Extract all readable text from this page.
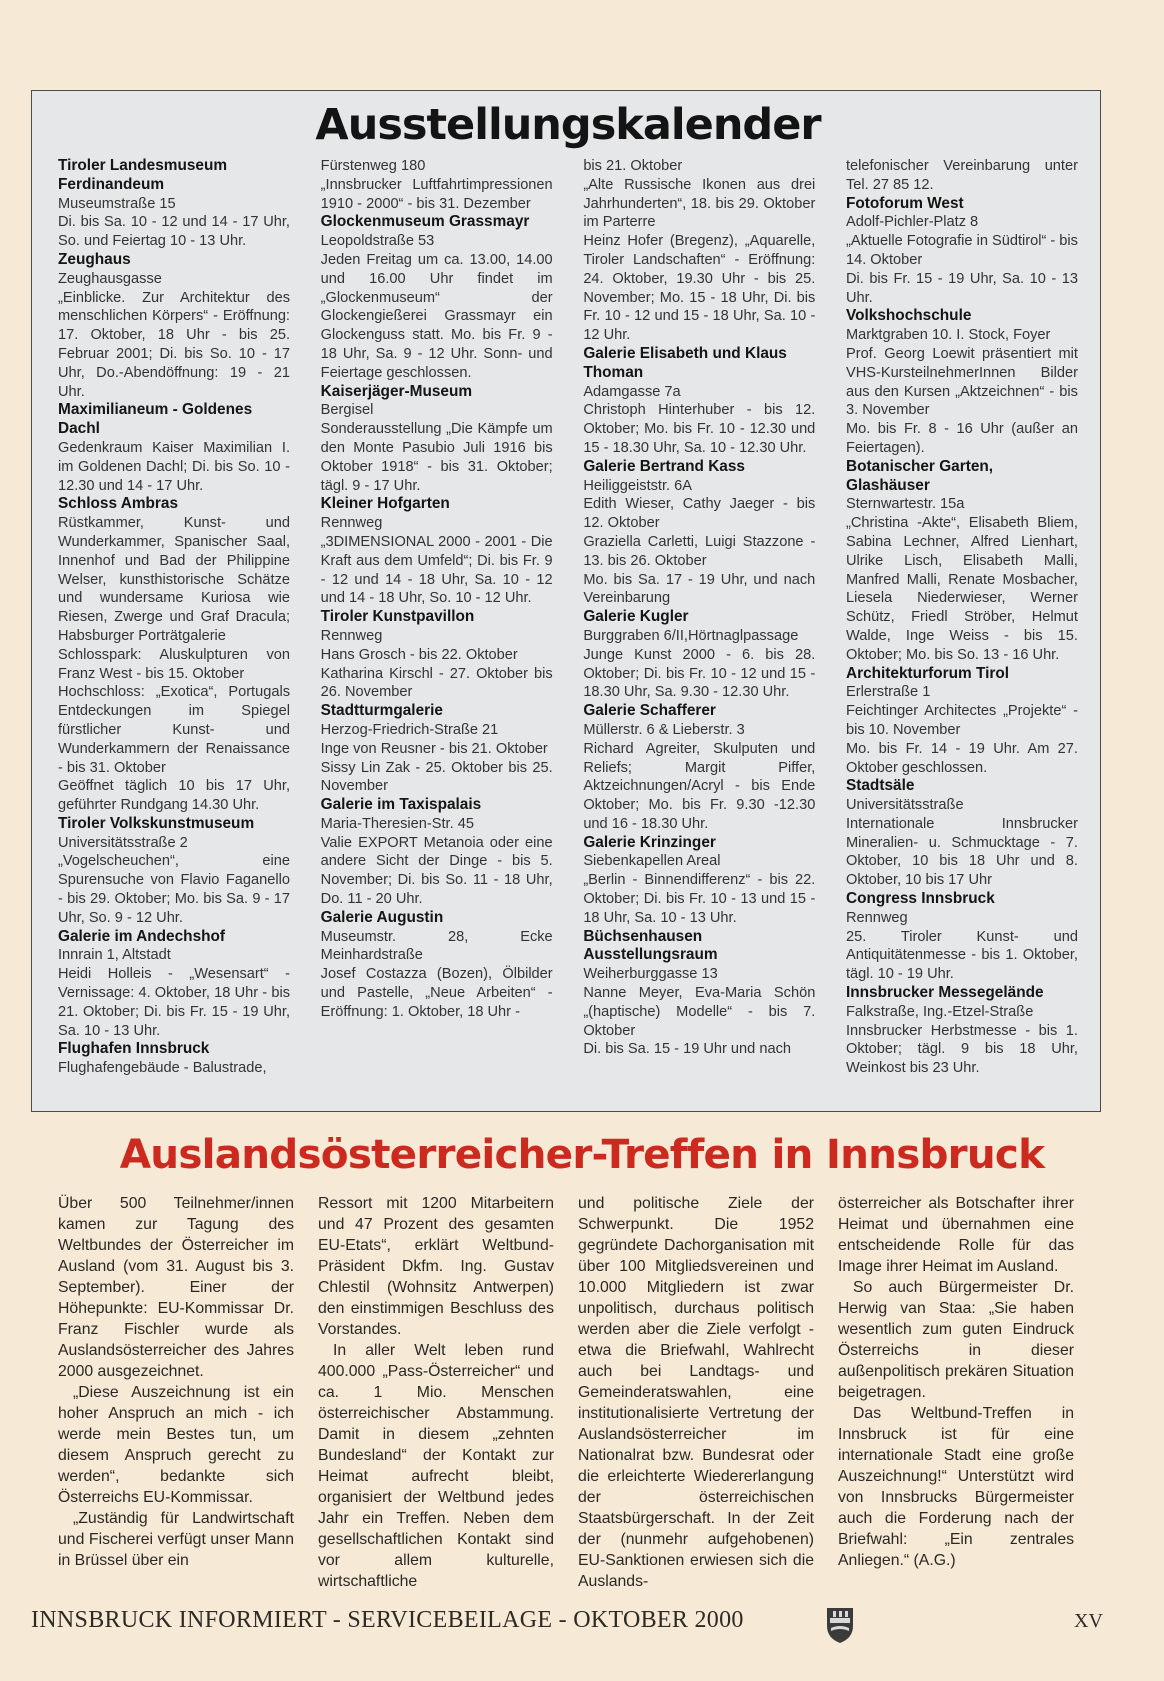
Ausstellungskalender
Tiroler Landesmuseum Ferdinandeum
Museumstraße 15
Di. bis Sa. 10 - 12 und 14 - 17 Uhr, So. und Feiertag 10 - 13 Uhr.
Zeughaus
Zeughausgasse
„Einblicke. Zur Architektur des menschlichen Körpers“ - Eröffnung: 17. Oktober, 18 Uhr - bis 25. Februar 2001; Di. bis So. 10 - 17 Uhr, Do.-Abendöffnung: 19 - 21 Uhr.
Maximilianeum - Goldenes Dachl
Gedenkraum Kaiser Maximilian I. im Goldenen Dachl; Di. bis So. 10 - 12.30 und 14 - 17 Uhr.
Schloss Ambras
Rüstkammer, Kunst- und Wunderkammer, Spanischer Saal, Innenhof und Bad der Philippine Welser, kunsthistorische Schätze und wundersame Kuriosa wie Riesen, Zwerge und Graf Dracula; Habsburger Porträtgalerie
Schlosspark: Aluskulpturen von Franz West - bis 15. Oktober
Hochschloss: „Exotica“, Portugals Entdeckungen im Spiegel fürstlicher Kunst- und Wunderkammern der Renaissance - bis 31. Oktober
Geöffnet täglich 10 bis 17 Uhr, geführter Rundgang 14.30 Uhr.
Tiroler Volkskunstmuseum
Universitätsstraße 2
„Vogelscheuchen“, eine Spurensuche von Flavio Faganello - bis 29. Oktober; Mo. bis Sa. 9 - 17 Uhr, So. 9 - 12 Uhr.
Galerie im Andechshof
Innrain 1, Altstadt
Heidi Holleis - „Wesensart“ - Vernissage: 4. Oktober, 18 Uhr - bis 21. Oktober; Di. bis Fr. 15 - 19 Uhr, Sa. 10 - 13 Uhr.
Flughafen Innsbruck
Flughafengebäude - Balustrade,
Fürstenweg 180
„Innsbrucker Luftfahrtimpressionen 1910 - 2000“ - bis 31. Dezember
Glockenmuseum Grassmayr
Leopoldstraße 53
Jeden Freitag um ca. 13.00, 14.00 und 16.00 Uhr findet im „Glockenmuseum“ der Glockengießerei Grassmayr ein Glockenguss statt. Mo. bis Fr. 9 - 18 Uhr, Sa. 9 - 12 Uhr. Sonn- und Feiertage geschlossen.
Kaiserjäger-Museum
Bergisel
Sonderausstellung „Die Kämpfe um den Monte Pasubio Juli 1916 bis Oktober 1918“ - bis 31. Oktober; tägl. 9 - 17 Uhr.
Kleiner Hofgarten
Rennweg
„3DIMENSIONAL 2000 - 2001 - Die Kraft aus dem Umfeld“; Di. bis Fr. 9 - 12 und 14 - 18 Uhr, Sa. 10 - 12 und 14 - 18 Uhr, So. 10 - 12 Uhr.
Tiroler Kunstpavillon
Rennweg
Hans Grosch - bis 22. Oktober
Katharina Kirschl - 27. Oktober bis 26. November
Stadtturmgalerie
Herzog-Friedrich-Straße 21
Inge von Reusner - bis 21. Oktober
Sissy Lin Zak - 25. Oktober bis 25. November
Galerie im Taxispalais
Maria-Theresien-Str. 45
Valie EXPORT Metanoia oder eine andere Sicht der Dinge - bis 5. November; Di. bis So. 11 - 18 Uhr, Do. 11 - 20 Uhr.
Galerie Augustin
Museumstr. 28, Ecke Meinhardstraße
Josef Costazza (Bozen), Ölbilder und Pastelle, „Neue Arbeiten“ - Eröffnung: 1. Oktober, 18 Uhr -
bis 21. Oktober
„Alte Russische Ikonen aus drei Jahrhunderten“, 18. bis 29. Oktober im Parterre
Heinz Hofer (Bregenz), „Aquarelle, Tiroler Landschaften“ - Eröffnung: 24. Oktober, 19.30 Uhr - bis 25. November; Mo. 15 - 18 Uhr, Di. bis Fr. 10 - 12 und 15 - 18 Uhr, Sa. 10 - 12 Uhr.
Galerie Elisabeth und Klaus Thoman
Adamgasse 7a
Christoph Hinterhuber - bis 12. Oktober; Mo. bis Fr. 10 - 12.30 und 15 - 18.30 Uhr, Sa. 10 - 12.30 Uhr.
Galerie Bertrand Kass
Heiliggeiststr. 6A
Edith Wieser, Cathy Jaeger - bis 12. Oktober
Graziella Carletti, Luigi Stazzone - 13. bis 26. Oktober
Mo. bis Sa. 17 - 19 Uhr, und nach Vereinbarung
Galerie Kugler
Burggraben 6/II,Hörtnaglpassage
Junge Kunst 2000 - 6. bis 28. Oktober; Di. bis Fr. 10 - 12 und 15 - 18.30 Uhr, Sa. 9.30 - 12.30 Uhr.
Galerie Schafferer
Müllerstr. 6 & Lieberstr. 3
Richard Agreiter, Skulputen und Reliefs; Margit Piffer, Aktzeichnungen/Acryl - bis Ende Oktober; Mo. bis Fr. 9.30 -12.30 und 16 - 18.30 Uhr.
Galerie Krinzinger
Siebenkapellen Areal
„Berlin - Binnendifferenz“ - bis 22. Oktober; Di. bis Fr. 10 - 13 und 15 - 18 Uhr, Sa. 10 - 13 Uhr.
Büchsenhausen Ausstellungsraum
Weiherburggasse 13
Nanne Meyer, Eva-Maria Schön „(haptische) Modelle“ - bis 7. Oktober
Di. bis Sa. 15 - 19 Uhr und nach
telefonischer Vereinbarung unter Tel. 27 85 12.
Fotoforum West
Adolf-Pichler-Platz 8
„Aktuelle Fotografie in Südtirol“ - bis 14. Oktober
Di. bis Fr. 15 - 19 Uhr, Sa. 10 - 13 Uhr.
Volkshochschule
Marktgraben 10. I. Stock, Foyer
Prof. Georg Loewit präsentiert mit VHS-KursteilnehmerInnen Bilder aus den Kursen „Aktzeichnen“ - bis 3. November
Mo. bis Fr. 8 - 16 Uhr (außer an Feiertagen).
Botanischer Garten, Glashäuser
Sternwartestr. 15a
„Christina -Akte“, Elisabeth Bliem, Sabina Lechner, Alfred Lienhart, Ulrike Lisch, Elisabeth Malli, Manfred Malli, Renate Mosbacher, Liesela Niederwieser, Werner Schütz, Friedl Ströber, Helmut Walde, Inge Weiss - bis 15. Oktober; Mo. bis So. 13 - 16 Uhr.
Architekturforum Tirol
Erlerstraße 1
Feichtinger Architectes „Projekte“ - bis 10. November
Mo. bis Fr. 14 - 19 Uhr. Am 27. Oktober geschlossen.
Stadtsäle
Universitätsstraße
Internationale Innsbrucker Mineralien- u. Schmucktage - 7. Oktober, 10 bis 18 Uhr und 8. Oktober, 10 bis 17 Uhr
Congress Innsbruck
Rennweg
25. Tiroler Kunst- und Antiquitätenmesse - bis 1. Oktober, tägl. 10 - 19 Uhr.
Innsbrucker Messegelände
Falkstraße, Ing.-Etzel-Straße
Innsbrucker Herbstmesse - bis 1. Oktober; tägl. 9 bis 18 Uhr, Weinkost bis 23 Uhr.
Auslandsösterreicher-Treffen in Innsbruck

Über 500 Teilnehmer/innen kamen zur Tagung des Weltbundes der Österreicher im Ausland (vom 31. August bis 3. September). Einer der Höhepunkte: EU-Kommissar Dr. Franz Fischler wurde als Auslandsösterreicher des Jahres 2000 ausgezeichnet.

„Diese Auszeichnung ist ein hoher Anspruch an mich - ich werde mein Bestes tun, um diesem Anspruch gerecht zu werden“, bedankte sich Österreichs EU-Kommissar.

„Zuständig für Landwirtschaft und Fischerei verfügt unser Mann in Brüssel über ein

Ressort mit 1200 Mitarbeitern und 47 Prozent des gesamten EU-Etats“, erklärt Weltbund-Präsident Dkfm. Ing. Gustav Chlestil (Wohnsitz Antwerpen) den einstimmigen Beschluss des Vorstandes.

In aller Welt leben rund 400.000 „Pass-Österreicher“ und ca. 1 Mio. Menschen österreichischer Abstammung. Damit in diesem „zehnten Bundesland“ der Kontakt zur Heimat aufrecht bleibt, organisiert der Weltbund jedes Jahr ein Treffen. Neben dem gesellschaftlichen Kontakt sind vor allem kulturelle, wirtschaftliche

und politische Ziele der Schwerpunkt. Die 1952 gegründete Dachorganisation mit über 100 Mitgliedsvereinen und 10.000 Mitgliedern ist zwar unpolitisch, durchaus politisch werden aber die Ziele verfolgt - etwa die Briefwahl, Wahlrecht auch bei Landtags- und Gemeinderatswahlen, eine institutionalisierte Vertretung der Auslandsösterreicher im Nationalrat bzw. Bundesrat oder die erleichterte Wiedererlangung der österreichischen Staatsbürgerschaft. In der Zeit der (nunmehr aufgehobenen) EU-Sanktionen erwiesen sich die Auslands-

österreicher als Botschafter ihrer Heimat und übernahmen eine entscheidende Rolle für das Image ihrer Heimat im Ausland.

So auch Bürgermeister Dr. Herwig van Staa: „Sie haben wesentlich zum guten Eindruck Österreichs in dieser außenpolitisch prekären Situation beigetragen.

Das Weltbund-Treffen in Innsbruck ist für eine internationale Stadt eine große Auszeichnung!“ Unterstützt wird von Innsbrucks Bürgermeister auch die Forderung nach der Briefwahl: „Ein zentrales Anliegen.“ (A.G.)

INNSBRUCK INFORMIERT - SERVICEBEILAGE - OKTOBER 2000	XV
